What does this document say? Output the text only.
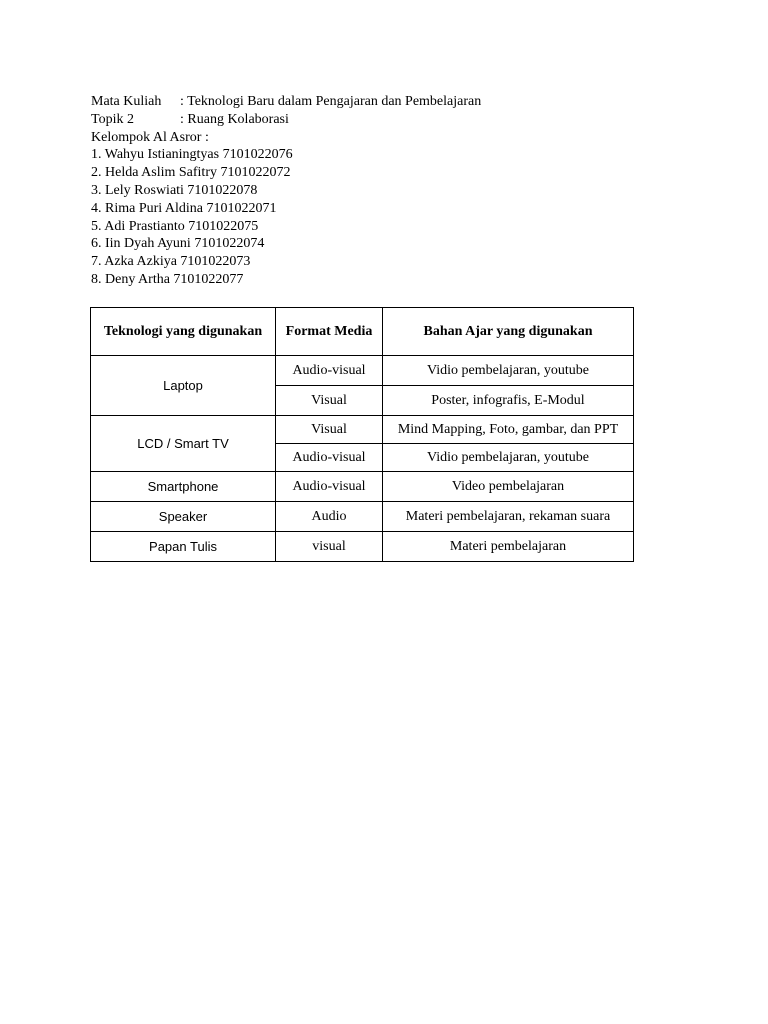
Mata Kuliah : Teknologi Baru dalam Pengajaran dan Pembelajaran
Topik 2	: Ruang Kolaborasi
Kelompok Al Asror :
1. Wahyu Istianingtyas 7101022076
2. Helda Aslim Safitry 7101022072
3. Lely Roswiati 7101022078
4. Rima Puri Aldina 7101022071
5. Adi Prastianto 7101022075
6. Iin Dyah Ayuni 7101022074
7. Azka Azkiya 7101022073
8. Deny Artha 7101022077
Teknologi yang digunakan	Format Media	Bahan Ajar yang digunakan
Laptop	Audio-visual	Vidio pembelajaran, youtube
	Visual	Poster, infografis, E-Modul
LCD / Smart TV	Visual	Mind Mapping, Foto, gambar, dan PPT
	Audio-visual	Vidio pembelajaran, youtube
Smartphone	Audio-visual	Video pembelajaran
Speaker	Audio	Materi pembelajaran, rekaman suara
Papan Tulis	visual	Materi pembelajaran
